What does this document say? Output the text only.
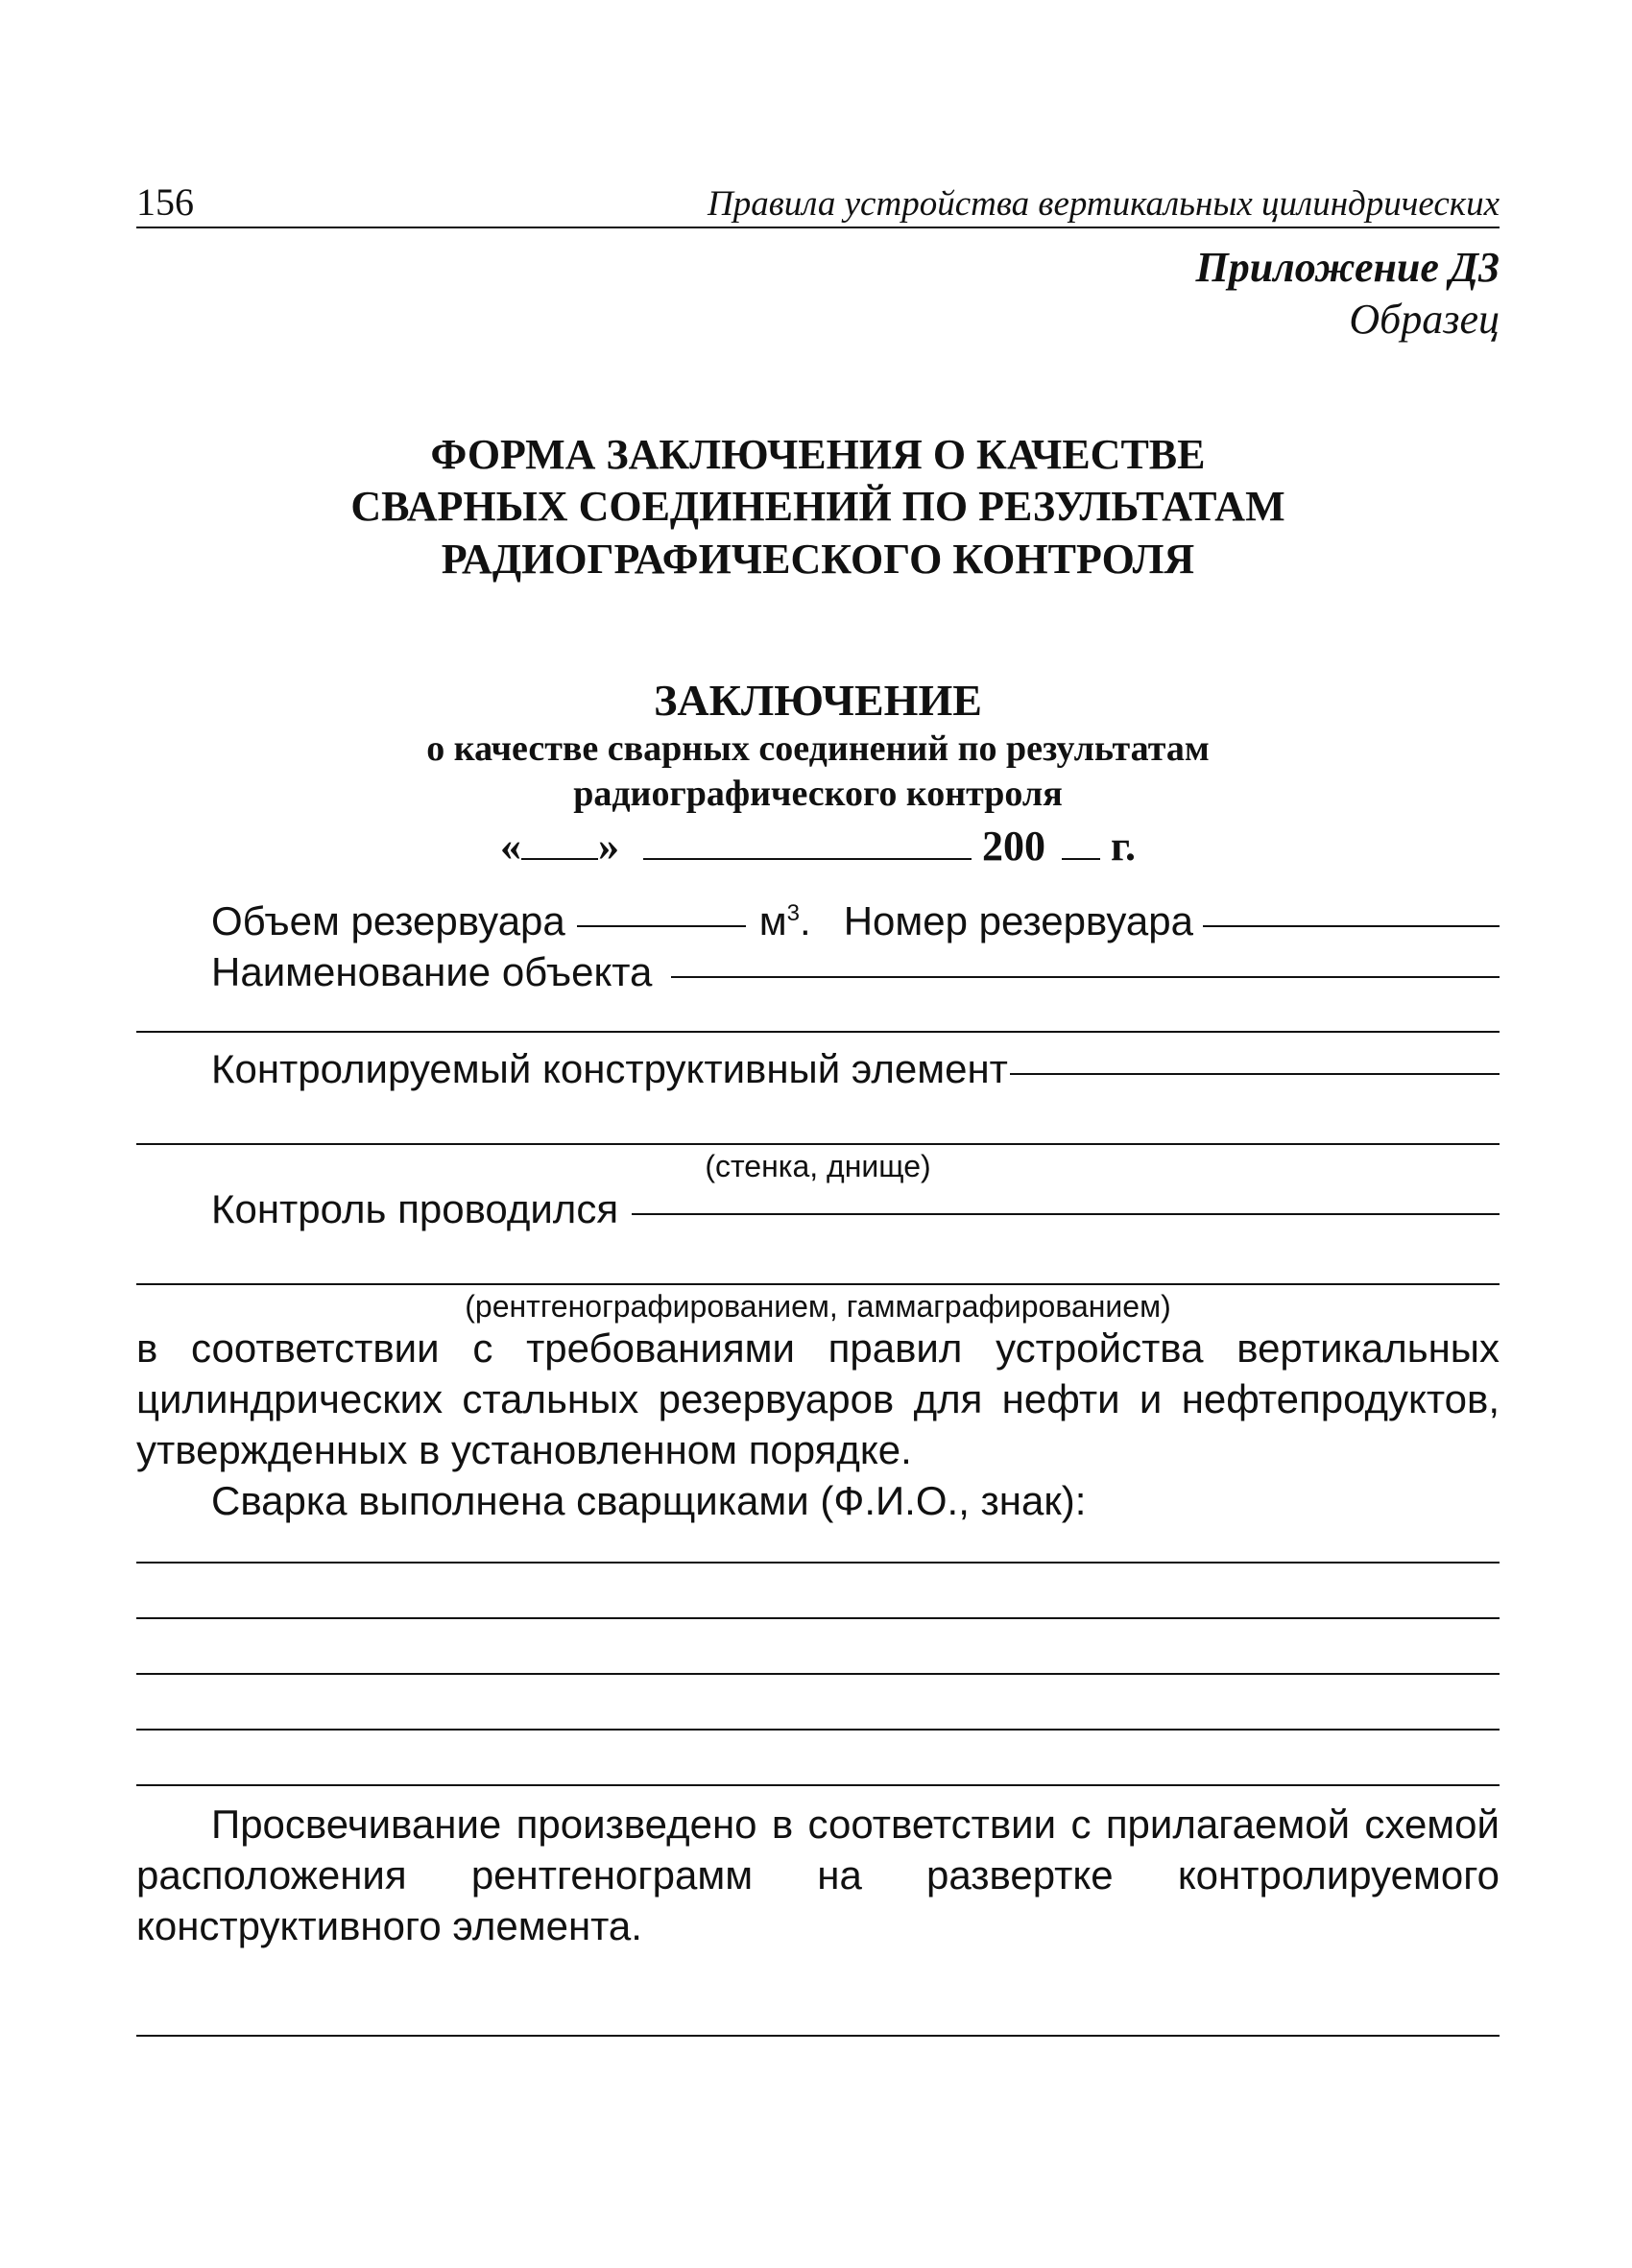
156	Правила устройства вертикальных цилиндрических
Приложение Д3
Образец
ФОРМА ЗАКЛЮЧЕНИЯ О КАЧЕСТВЕ
СВАРНЫХ СОЕДИНЕНИЙ ПО РЕЗУЛЬТАТАМ
РАДИОГРАФИЧЕСКОГО КОНТРОЛЯ
ЗАКЛЮЧЕНИЕ
о качестве сварных соединений по результатам
радиографического контроля
« »	200 г.
Объем резервуара	$м^3$. Номер резервуара
Наименование объекта
Контролируемый конструктивный элемент
(стенка, днище)
Контроль проводился
(рентгенографированием, гаммаграфированием)
в соответствии с требованиями правил устройства вертикальных цилиндрических стальных резервуаров для нефти и нефтепродуктов, утвержденных в установленном порядке.
Сварка выполнена сварщиками (Ф.И.О., знак):
Просвечивание произведено в соответствии с прилагаемой схемой расположения рентгенограмм на развертке контролируемого конструктивного элемента.
